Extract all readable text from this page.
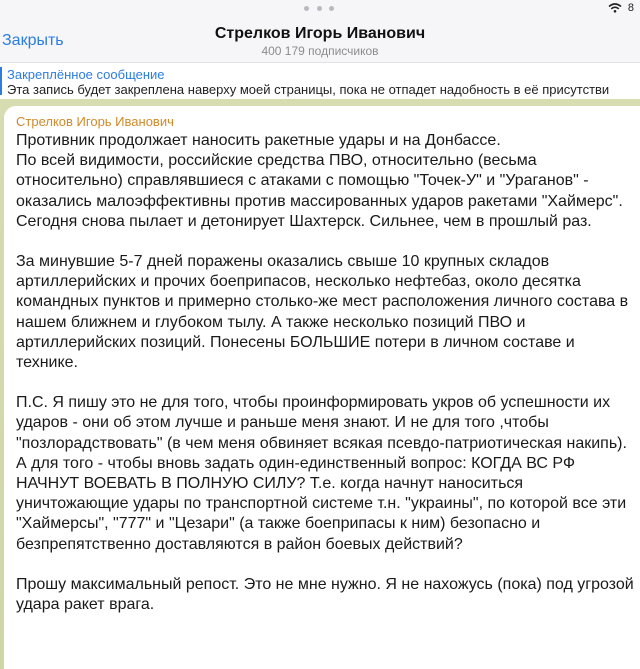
8
Закрыть	Стрелков Игорь Иванович
400 179 подписчиков
Закреплённое сообщение
Эта запись будет закреплена наверху моей страницы, пока не отпадет надобность в её присутстви
Стрелков Игорь Иванович

Противник продолжает наносить ракетные удары и на Донбассе.
По всей видимости, российские средства ПВО, относительно (весьма относительно) справлявшиеся с атаками с помощью "Точек-У" и "Ураганов" - оказались малоэффективны против массированных ударов ракетами "Хаймерс". Сегодня снова пылает и детонирует Шахтерск. Сильнее, чем в прошлый раз.

За минувшие 5-7 дней поражены оказались свыше 10 крупных складов артиллерийских и прочих боеприпасов, несколько нефтебаз, около десятка командных пунктов и примерно столько-же мест расположения личного состава в нашем ближнем и глубоком тылу. А также несколько позиций ПВО и артиллерийских позиций. Понесены БОЛЬШИЕ потери в личном составе и технике.

П.С. Я пишу это не для того, чтобы проинформировать укров об успешности их ударов - они об этом лучше и раньше меня знают. И не для того ,чтобы "позлорадствовать" (в чем меня обвиняет всякая псевдо-патриотическая накипь). А для того - чтобы вновь задать один-единственный вопрос: КОГДА ВС РФ НАЧНУТ ВОЕВАТЬ В ПОЛНУЮ СИЛУ? Т.е. когда начнут наноситься уничтожающие удары по транспортной системе т.н. "украины", по которой все эти "Хаймерсы", "777" и "Цезари" (а также боеприпасы к ним) безопасно и безпрепятственно доставляются в район боевых действий?

Прошу максимальный репост. Это не мне нужно. Я не нахожусь (пока) под угрозой удара ракет врага.
